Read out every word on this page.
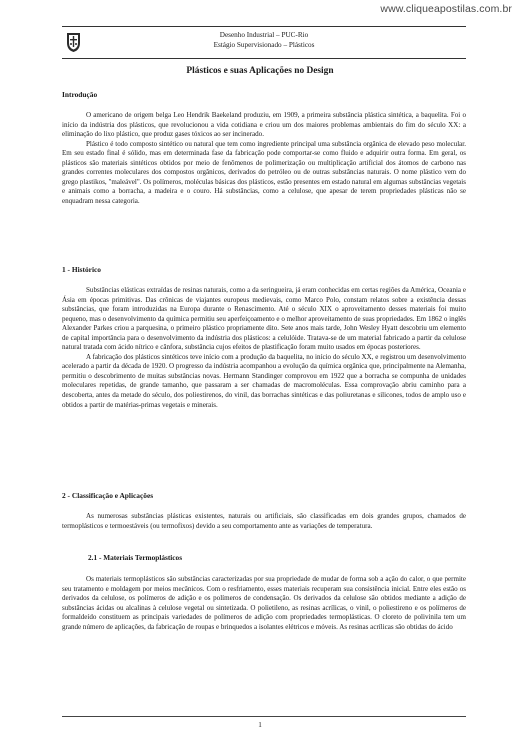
www.cliqueapostilas.com.br
Desenho Industrial – PUC-Rio
Estágio Supervisionado – Plásticos
Plásticos e suas Aplicações no Design
Introdução

O americano de origem belga Leo Hendrik Baekeland produziu, em 1909, a primeira substância plástica sintética, a baquelita. Foi o início da indústria dos plásticos, que revolucionou a vida cotidiana e criou um dos maiores problemas ambientais do fim do século XX: a eliminação do lixo plástico, que produz gases tóxicos ao ser incinerado.

Plástico é todo composto sintético ou natural que tem como ingrediente principal uma substância orgânica de elevado peso molecular. Em seu estado final é sólido, mas em determinada fase da fabricação pode comportar-se como fluido e adquirir outra forma. Em geral, os plásticos são materiais sintéticos obtidos por meio de fenômenos de polimerização ou multiplicação artificial dos átomos de carbono nas grandes correntes moleculares dos compostos orgânicos, derivados do petróleo ou de outras substâncias naturais. O nome plástico vem do grego plastikos, "maleável". Os polímeros, moléculas básicas dos plásticos, estão presentes em estado natural em algumas substâncias vegetais e animais como a borracha, a madeira e o couro. Há substâncias, como a celulose, que apesar de terem propriedades plásticas não se enquadram nessa categoria.

1 - Histórico

Substâncias elásticas extraídas de resinas naturais, como a da seringueira, já eram conhecidas em certas regiões da América, Oceania e Ásia em épocas primitivas. Das crônicas de viajantes europeus medievais, como Marco Polo, constam relatos sobre a existência dessas substâncias, que foram introduzidas na Europa durante o Renascimento. Até o século XIX o aproveitamento desses materiais foi muito pequeno, mas o desenvolvimento da química permitiu seu aperfeiçoamento e o melhor aproveitamento de suas propriedades. Em 1862 o inglês Alexander Parkes criou a parquesina, o primeiro plástico propriamente dito. Sete anos mais tarde, John Wesley Hyatt descobriu um elemento de capital importância para o desenvolvimento da indústria dos plásticos: a celulóide. Tratava-se de um material fabricado a partir da celulose natural tratada com ácido nítrico e cânfora, substância cujos efeitos de plastificação foram muito usados em épocas posteriores.

A fabricação dos plásticos sintéticos teve início com a produção da baquelita, no início do século XX, e registrou um desenvolvimento acelerado a partir da década de 1920. O progresso da indústria acompanhou a evolução da química orgânica que, principalmente na Alemanha, permitiu o descobrimento de muitas substâncias novas. Hermann Standinger comprovou em 1922 que a borracha se compunha de unidades moleculares repetidas, de grande tamanho, que passaram a ser chamadas de macromoléculas. Essa comprovação abriu caminho para a descoberta, antes da metade do século, dos poliestirenos, do vinil, das borrachas sintéticas e das poliuretanas e silicones, todos de amplo uso e obtidos a partir de matérias-primas vegetais e minerais.

2 - Classificação e Aplicações

As numerosas substâncias plásticas existentes, naturais ou artificiais, são classificadas em dois grandes grupos, chamados de termoplásticos e termoestáveis (ou termofixos) devido a seu comportamento ante as variações de temperatura.

2.1 - Materiais Termoplásticos

Os materiais termoplásticos são substâncias caracterizadas por sua propriedade de mudar de forma sob a ação do calor, o que permite seu tratamento e moldagem por meios mecânicos. Com o resfriamento, esses materiais recuperam sua consistência inicial. Entre eles estão os derivados da celulose, os polímeros de adição e os polímeros de condensação. Os derivados da celulose são obtidos mediante a adição de substâncias ácidas ou alcalinas à celulose vegetal ou sintetizada. O polietileno, as resinas acrílicas, o vinil, o poliestireno e os polímeros de formaldeído constituem as principais variedades de polímeros de adição com propriedades termoplásticas. O cloreto de polivinila tem um grande número de aplicações, da fabricação de roupas e brinquedos a isolantes elétricos e móveis. As resinas acrílicas são obtidas do ácido

1
